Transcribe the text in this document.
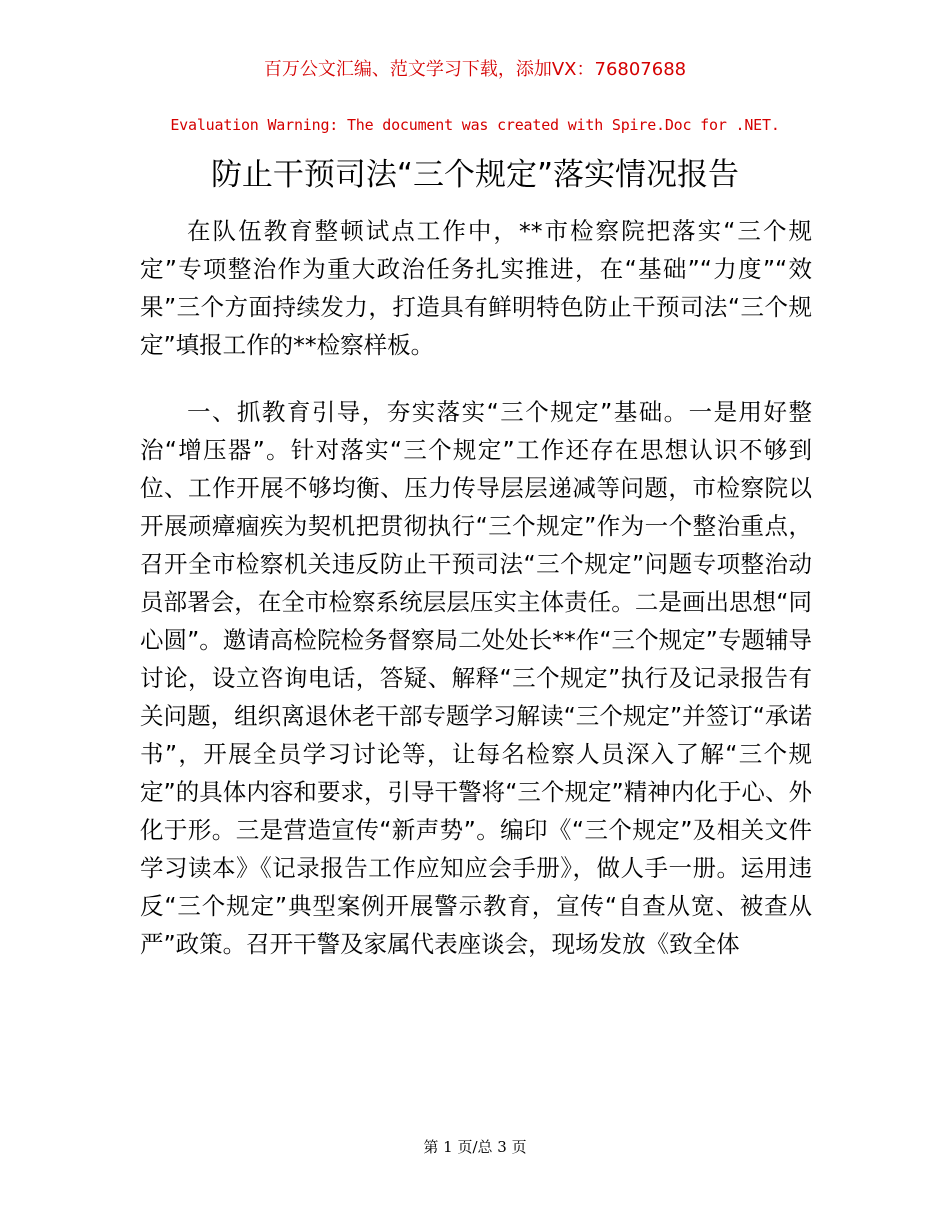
百万公文汇编、范文学习下载，添加VX：76807688
Evaluation Warning: The document was created with Spire.Doc for .NET.
防止干预司法“三个规定”落实情况报告

在队伍教育整顿试点工作中，**市检察院把落实“三个规定”专项整治作为重大政治任务扎实推进，在“基础”“力度”“效果”三个方面持续发力，打造具有鲜明特色防止干预司法“三个规定”填报工作的**检察样板。

一、抓教育引导，夯实落实“三个规定”基础。一是用好整治“增压器”。针对落实“三个规定”工作还存在思想认识不够到位、工作开展不够均衡、压力传导层层递减等问题，市检察院以开展顽瘴痼疾为契机把贯彻执行“三个规定”作为一个整治重点，召开全市检察机关违反防止干预司法“三个规定”问题专项整治动员部署会，在全市检察系统层层压实主体责任。二是画出思想“同心圆”。邀请高检院检务督察局二处处长**作“三个规定”专题辅导讨论，设立咨询电话，答疑、解释“三个规定”执行及记录报告有关问题，组织离退休老干部专题学习解读“三个规定”并签订“承诺书”，开展全员学习讨论等，让每名检察人员深入了解“三个规定”的具体内容和要求，引导干警将“三个规定”精神内化于心、外化于形。三是营造宣传“新声势”。编印《“三个规定”及相关文件学习读本》《记录报告工作应知应会手册》，做人手一册。运用违反“三个规定”典型案例开展警示教育，宣传“自查从宽、被查从严”政策。召开干警及家属代表座谈会，现场发放《致全体

第 1 页/总 3 页
